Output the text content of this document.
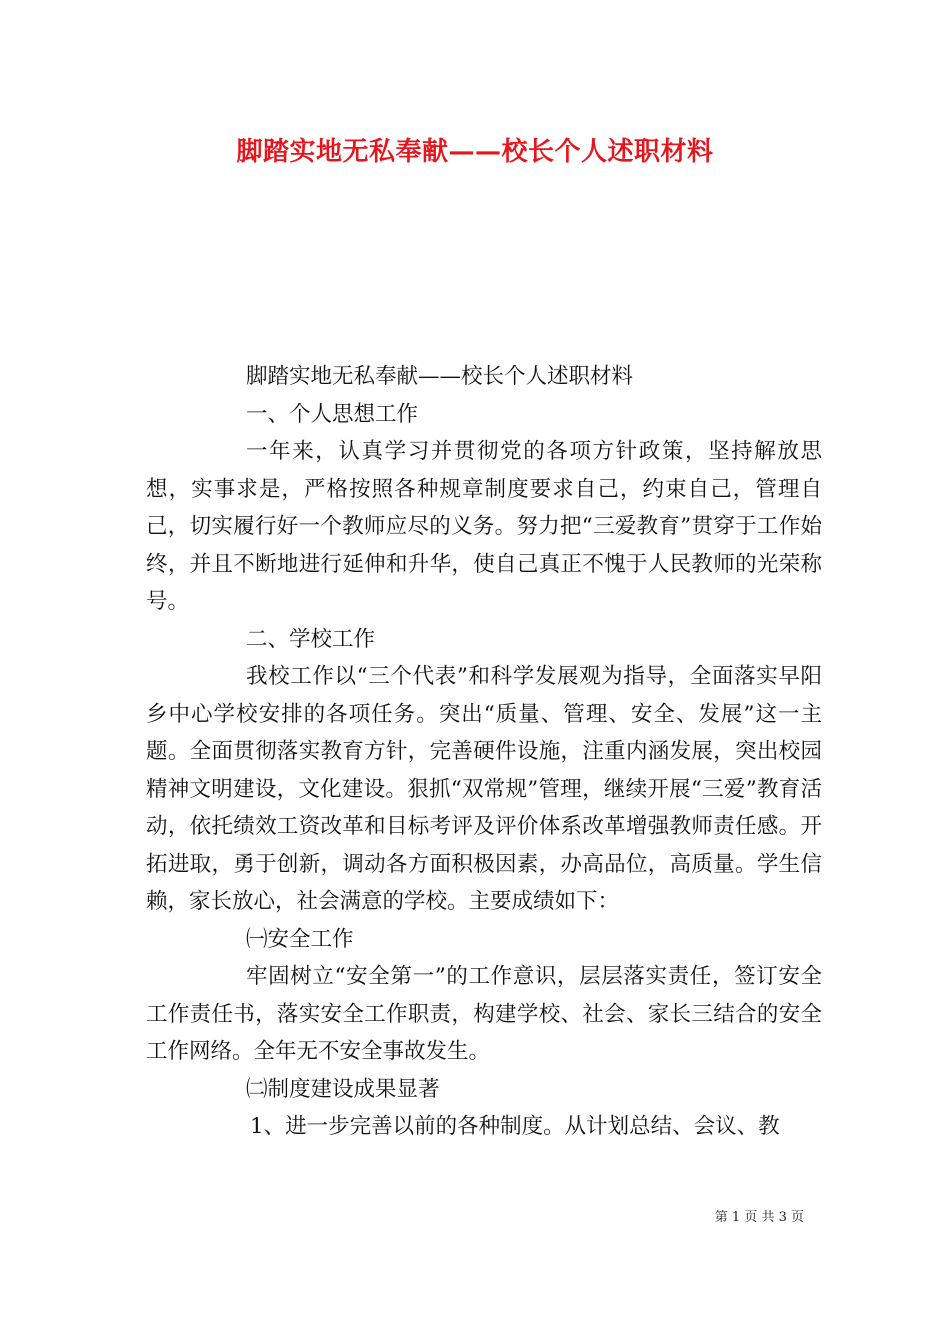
脚踏实地无私奉献——校长个人述职材料

脚踏实地无私奉献——校长个人述职材料

一、个人思想工作

一年来，认真学习并贯彻党的各项方针政策，坚持解放思想，实事求是，严格按照各种规章制度要求自己，约束自己，管理自己，切实履行好一个教师应尽的义务。努力把“三爱教育”贯穿于工作始终，并且不断地进行延伸和升华，使自己真正不愧于人民教师的光荣称号。

二、学校工作

我校工作以“三个代表”和科学发展观为指导，全面落实早阳乡中心学校安排的各项任务。突出“质量、管理、安全、发展”这一主题。全面贯彻落实教育方针，完善硬件设施，注重内涵发展，突出校园精神文明建设，文化建设。狠抓“双常规”管理，继续开展“三爱”教育活动，依托绩效工资改革和目标考评及评价体系改革增强教师责任感。开拓进取，勇于创新，调动各方面积极因素，办高品位，高质量。学生信赖，家长放心，社会满意的学校。主要成绩如下：

㈠安全工作

牢固树立“安全第一”的工作意识，层层落实责任，签订安全工作责任书，落实安全工作职责，构建学校、社会、家长三结合的安全工作网络。全年无不安全事故发生。

㈡制度建设成果显著

1、进一步完善以前的各种制度。从计划总结、会议、教

第 1 页 共 3 页
